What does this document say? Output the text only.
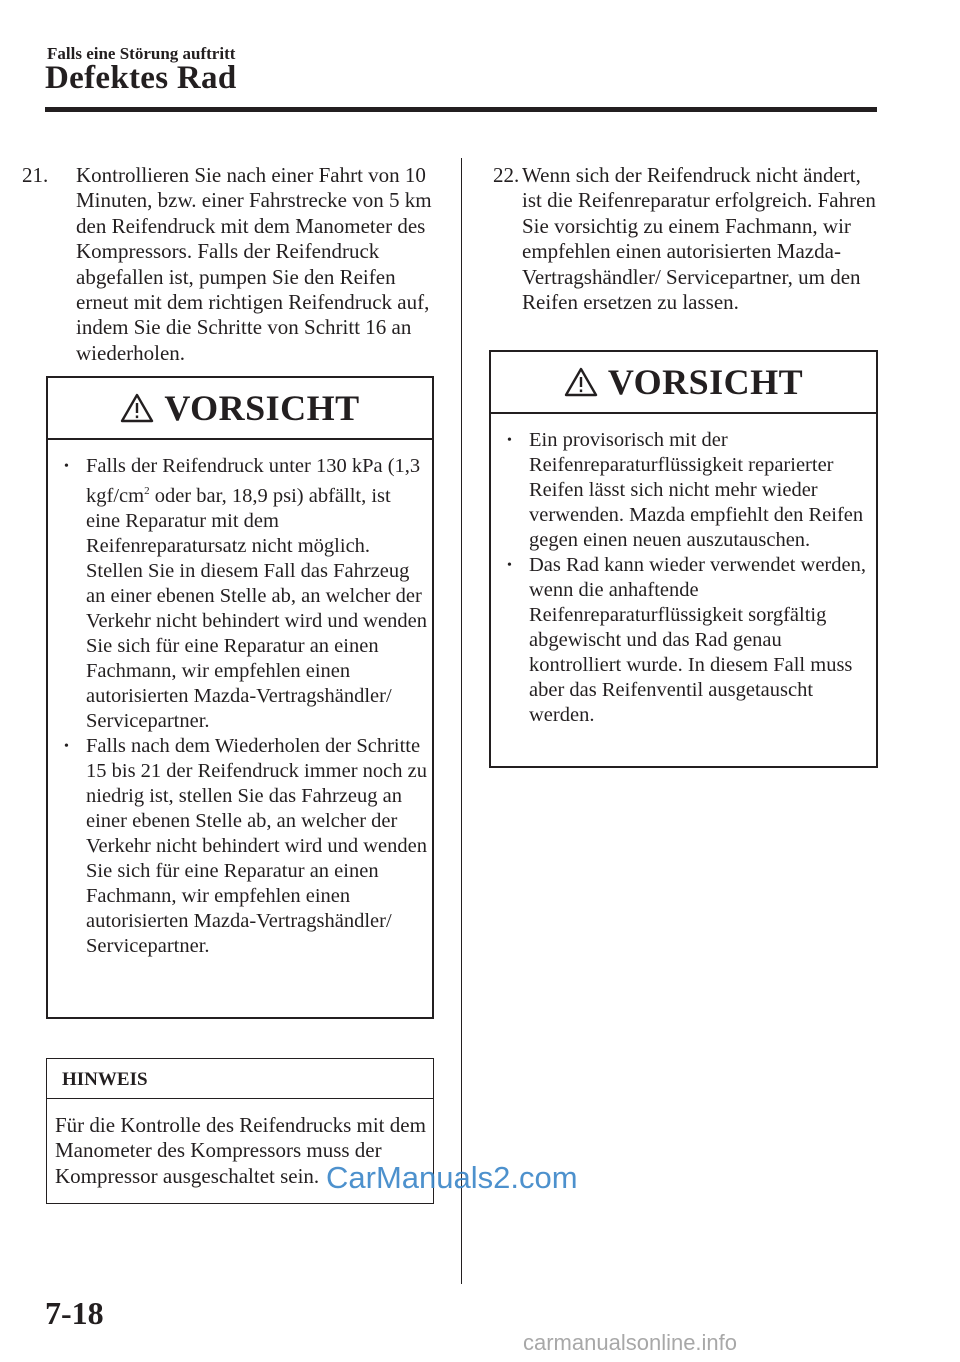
Falls eine Störung auftritt
Defektes Rad
21. Kontrollieren Sie nach einer Fahrt von 10 Minuten, bzw. einer Fahrstrecke von 5 km den Reifendruck mit dem Manometer des Kompressors. Falls der Reifendruck abgefallen ist, pumpen Sie den Reifen erneut mit dem richtigen Reifendruck auf, indem Sie die Schritte von Schritt 16 an wiederholen.
VORSICHT
• Falls der Reifendruck unter 130 kPa (1,3 kgf/$cm^2$ oder bar, 18,9 psi) abfällt, ist eine Reparatur mit dem Reifenreparatursatz nicht möglich. Stellen Sie in diesem Fall das Fahrzeug an einer ebenen Stelle ab, an welcher der Verkehr nicht behindert wird und wenden Sie sich für eine Reparatur an einen Fachmann, wir empfehlen einen autorisierten Mazda-Vertragshändler/ Servicepartner.
• Falls nach dem Wiederholen der Schritte 15 bis 21 der Reifendruck immer noch zu niedrig ist, stellen Sie das Fahrzeug an einer ebenen Stelle ab, an welcher der Verkehr nicht behindert wird und wenden Sie sich für eine Reparatur an einen Fachmann, wir empfehlen einen autorisierten Mazda-Vertragshändler/ Servicepartner.
HINWEIS
Für die Kontrolle des Reifendrucks mit dem Manometer des Kompressors muss der Kompressor ausgeschaltet sein.
22. Wenn sich der Reifendruck nicht ändert, ist die Reifenreparatur erfolgreich. Fahren Sie vorsichtig zu einem Fachmann, wir empfehlen einen autorisierten Mazda-Vertragshändler/ Servicepartner, um den Reifen ersetzen zu lassen.
VORSICHT
• Ein provisorisch mit der Reifenreparaturflüssigkeit reparierter Reifen lässt sich nicht mehr wieder verwenden. Mazda empfiehlt den Reifen gegen einen neuen auszutauschen.
• Das Rad kann wieder verwendet werden, wenn die anhaftende Reifenreparaturflüssigkeit sorgfältig abgewischt und das Rad genau kontrolliert wurde. In diesem Fall muss aber das Reifenventil ausgetauscht werden.
CarManuals2.com
7-18
carmanualsonline.info
